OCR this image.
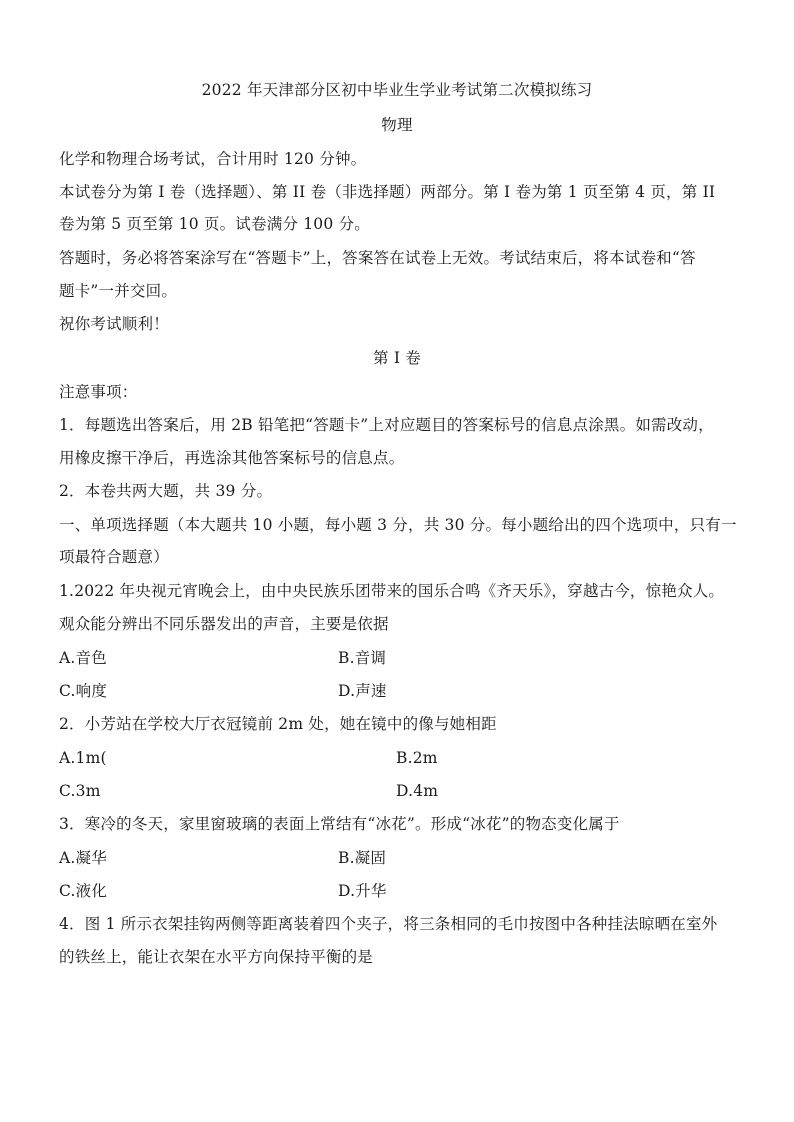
2022 年天津部分区初中毕业生学业考试第二次模拟练习
物理
化学和物理合场考试，合计用时 120 分钟。
本试卷分为第 I 卷（选择题）、第 II 卷（非选择题）两部分。第 I 卷为第 1 页至第 4 页，第 II
卷为第 5 页至第 10 页。试卷满分 100 分。
答题时，务必将答案涂写在“答题卡”上，答案答在试卷上无效。考试结束后，将本试卷和“答
题卡”一并交回。
祝你考试顺利！
第 I 卷
注意事项：
1．每题选出答案后，用 2B 铅笔把“答题卡”上对应题目的答案标号的信息点涂黑。如需改动，
用橡皮擦干净后，再选涂其他答案标号的信息点。
2．本卷共两大题，共 39 分。
一、单项选择题（本大题共 10 小题，每小题 3 分，共 30 分。每小题给出的四个选项中，只有一
项最符合题意）
1.2022 年央视元宵晚会上，由中央民族乐团带来的国乐合鸣《齐天乐》，穿越古今，惊艳众人。
观众能分辨出不同乐器发出的声音，主要是依据
A.音色	B.音调
C.响度	D.声速
2．小芳站在学校大厅衣冠镜前 2m 处，她在镜中的像与她相距
A.1m(	B.2m
C.3m	D.4m
3．寒冷的冬天，家里窗玻璃的表面上常结有“冰花”。形成“冰花”的物态变化属于
A.凝华	B.凝固
C.液化	D.升华
4．图 1 所示衣架挂钩两侧等距离装着四个夹子，将三条相同的毛巾按图中各种挂法晾晒在室外
的铁丝上，能让衣架在水平方向保持平衡的是
